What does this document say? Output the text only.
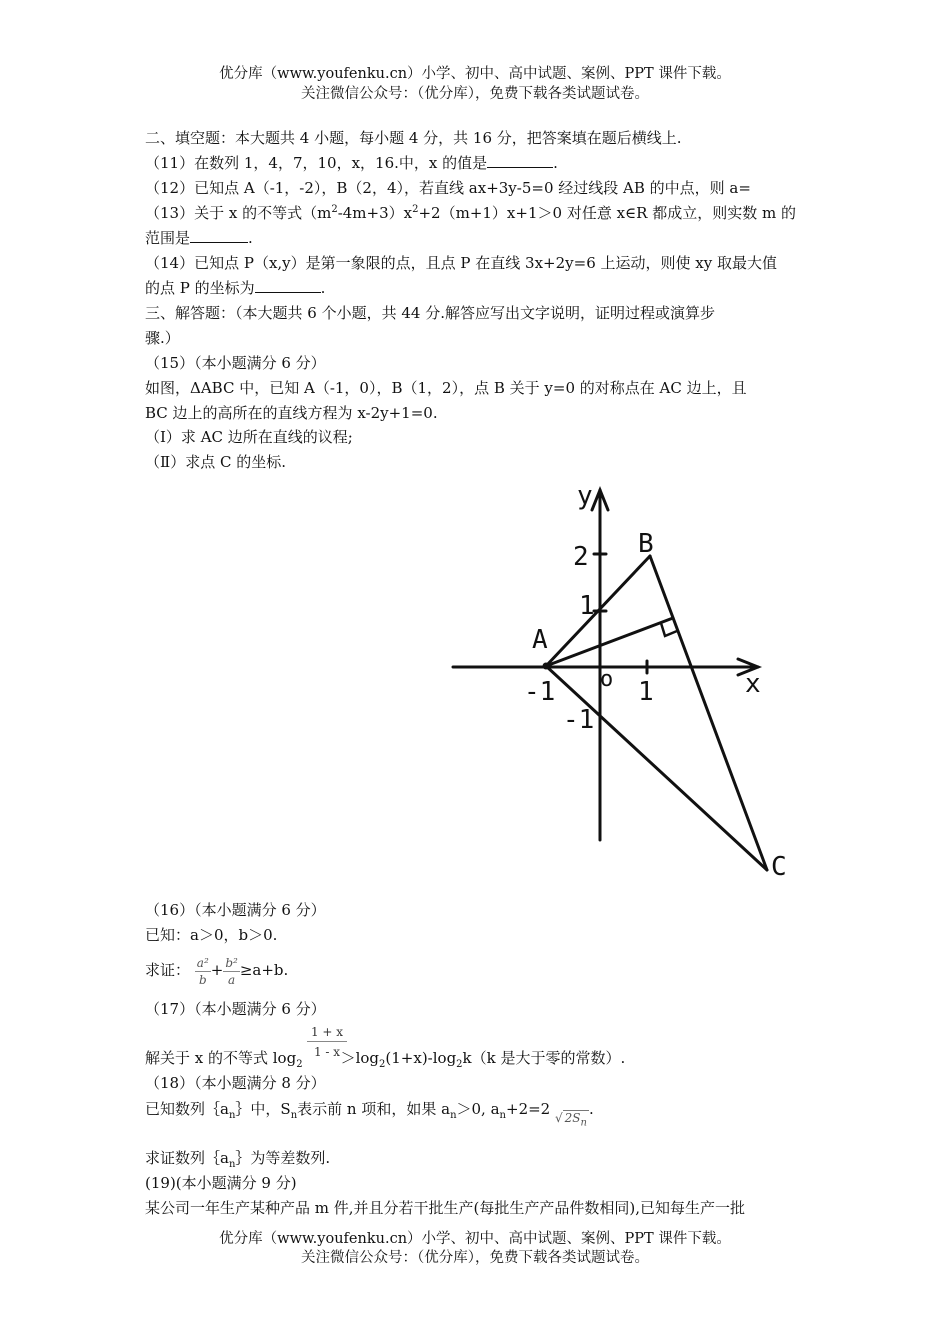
优分库（www.youfenku.cn）小学、初中、高中试题、案例、PPT 课件下载。
关注微信公众号：（优分库），免费下载各类试题试卷。
二、填空题：本大题共 4 小题，每小题 4 分，共 16 分，把答案填在题后横线上.
（11）在数列 1，4，7，10，x，16.中，x 的值是	.
（12）已知点 A（-1，-2），B（2，4），若直线 ax+3y-5=0 经过线段 AB 的中点，则 a=
（13）关于 x 的不等式$(m^2-4m+3)x^2+2(m+1)x+1>0$ 对任意 x∈R 都成立，则实数 m 的
范围是	.
（14）已知点 P（x,y）是第一象限的点，且点 P 在直线 3x+2y=6 上运动，则使 xy 取最大值
的点 P 的坐标为	.
三、解答题：（本大题共 6 个小题，共 44 分.解答应写出文字说明，证明过程或演算步
骤.）
（15）（本小题满分 6 分）
如图，ΔABC 中，已知 A（-1，0），B（1，2），点 B 关于 y=0 的对称点在 AC 边上，且
BC 边上的高所在的直线方程为 x-2y+1=0.
（Ⅰ）求 AC 边所在直线的议程;
（Ⅱ）求点 C 的坐标.
y
x
o
2
1
-1
-1	1
A
B
C
（16）（本小题满分 6 分）
已知：a＞0，b＞0.
求证： $\frac{\text{a²}}{b} + \frac{\text{b²}}{a} \ge a+b$.
（17）（本小题满分 6 分）
$\frac{1 + x}{1 - x}$
解关于 x 的不等式 $\log_2$	$>\log_2(1+x)-\log_2k(k$ 是大于零的常数）.
（18）（本小题满分 8 分）
已知数列$\{a_n\}$中，$S_n$表示前 n 项和，如果 $a_n>0$, $a_n+2=2$ $_{√ 2S_n}$.
求证数列$\{a_n\}$为等差数列.
(19)(本小题满分 9 分)
某公司一年生产某种产品 m 件,并且分若干批生产(每批生产产品件数相同),已知每生产一批
优分库（www.youfenku.cn）小学、初中、高中试题、案例、PPT 课件下载。
关注微信公众号：（优分库），免费下载各类试题试卷。
